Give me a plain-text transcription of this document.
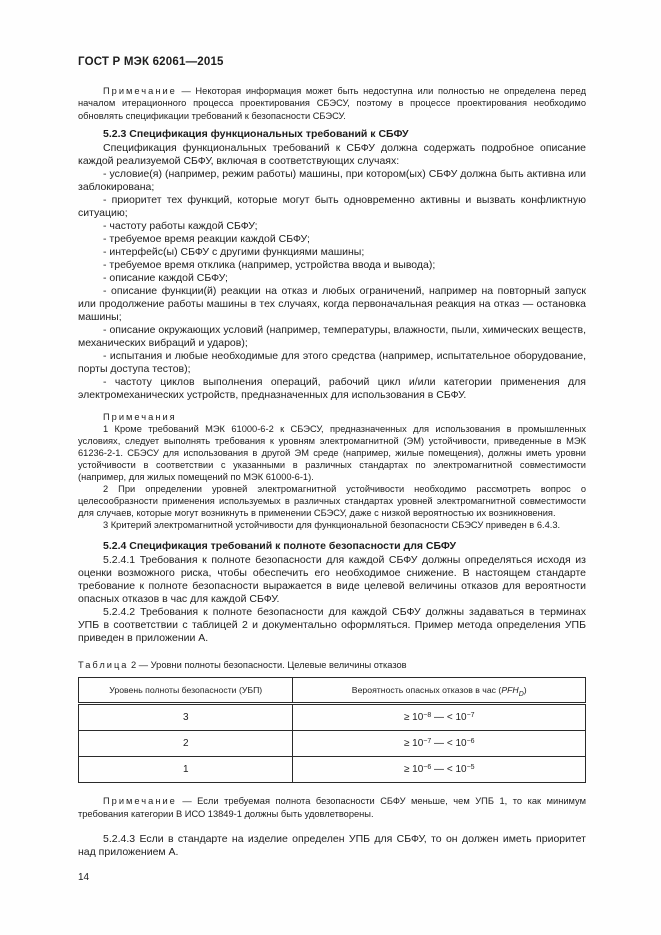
ГОСТ Р МЭК 62061—2015

Примечание — Некоторая информация может быть недоступна или полностью не определена перед началом итерационного процесса проектирования СБЭСУ, поэтому в процессе проектирования необходимо обновлять спецификации требований к безопасности СБЭСУ.

5.2.3 Спецификация функциональных требований к СБФУ

Спецификация функциональных требований к СБФУ должна содержать подробное описание каждой реализуемой СБФУ, включая в соответствующих случаях:

- условие(я) (например, режим работы) машины, при котором(ых) СБФУ должна быть активна или заблокирована;

- приоритет тех функций, которые могут быть одновременно активны и вызвать конфликтную ситуацию;

- частоту работы каждой СБФУ;

- требуемое время реакции каждой СБФУ;

- интерфейс(ы) СБФУ с другими функциями машины;

- требуемое время отклика (например, устройства ввода и вывода);

- описание каждой СБФУ;

- описание функции(й) реакции на отказ и любых ограничений, например на повторный запуск или продолжение работы машины в тех случаях, когда первоначальная реакция на отказ — остановка машины;

- описание окружающих условий (например, температуры, влажности, пыли, химических веществ, механических вибраций и ударов);

- испытания и любые необходимые для этого средства (например, испытательное оборудование, порты доступа тестов);

- частоту циклов выполнения операций, рабочий цикл и/или категории применения для электромеханических устройств, предназначенных для использования в СБФУ.

Примечания

1 Кроме требований МЭК 61000-6-2 к СБЭСУ, предназначенных для использования в промышленных условиях, следует выполнять требования к уровням электромагнитной (ЭМ) устойчивости, приведенные в МЭК 61236-2-1. СБЭСУ для использования в другой ЭМ среде (например, жилые помещения), должны иметь уровни устойчивости в соответствии с указанными в различных стандартах по электромагнитной совместимости (например, для жилых помещений по МЭК 61000-6-1).

2 При определении уровней электромагнитной устойчивости необходимо рассмотреть вопрос о целесообразности применения используемых в различных стандартах уровней электромагнитной совместимости для случаев, которые могут возникнуть в применении СБЭСУ, даже с низкой вероятностью их возникновения.

3 Критерий электромагнитной устойчивости для функциональной безопасности СБЭСУ приведен в 6.4.3.

5.2.4 Спецификация требований к полноте безопасности для СБФУ

5.2.4.1 Требования к полноте безопасности для каждой СБФУ должны определяться исходя из оценки возможного риска, чтобы обеспечить его необходимое снижение. В настоящем стандарте требование к полноте безопасности выражается в виде целевой величины отказов для вероятности опасных отказов в час для каждой СБФУ.

5.2.4.2 Требования к полноте безопасности для каждой СБФУ должны задаваться в терминах УПБ в соответствии с таблицей 2 и документально оформляться. Пример метода определения УПБ приведен в приложении А.

Таблица 2 — Уровни полноты безопасности. Целевые величины отказов

Уровень полноты безопасности (УБП)	Вероятность опасных отказов в час $(PFH_D)$
3	≥ $10^{-8}$ — < $10^{-7}$
2	≥ $10^{-7}$ — < $10^{-6}$
1	≥ $10^{-6}$ — < $10^{-5}$

Примечание — Если требуемая полнота безопасности СБФУ меньше, чем УПБ 1, то как минимум требования категории В ИСО 13849-1 должны быть удовлетворены.

5.2.4.3 Если в стандарте на изделие определен УПБ для СБФУ, то он должен иметь приоритет над приложением А.

14
